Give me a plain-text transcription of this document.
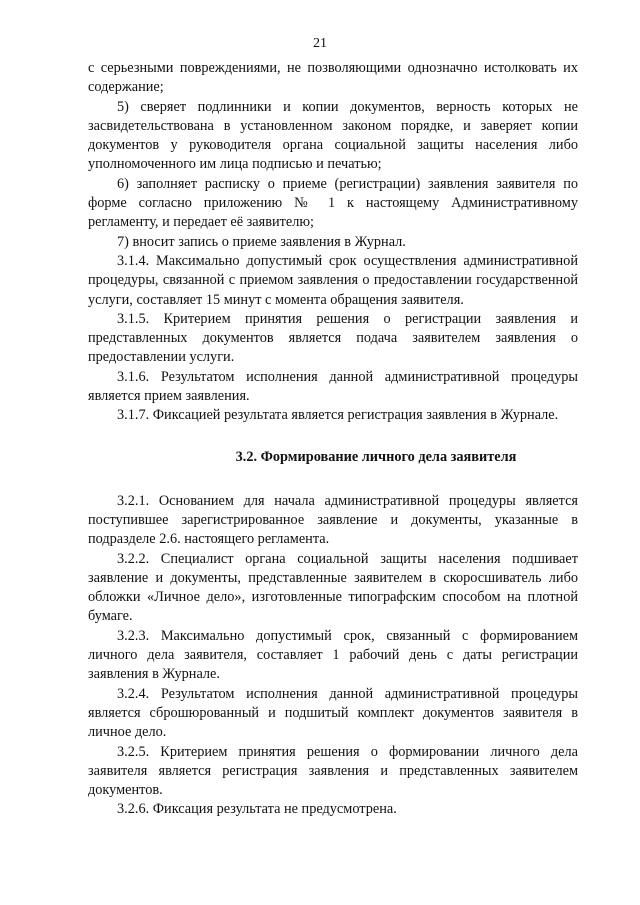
21

с серьезными повреждениями, не позволяющими однозначно истолковать их содержание;

5) сверяет подлинники и копии документов, верность которых не засвидетельствована в установленном законом порядке, и заверяет копии документов у руководителя органа социальной защиты населения либо уполномоченного им лица подписью и печатью;

6) заполняет расписку о приеме (регистрации) заявления заявителя по форме согласно приложению № 1 к настоящему Административному регламенту, и передает её заявителю;

7) вносит запись о приеме заявления в Журнал.

3.1.4. Максимально допустимый срок осуществления административной процедуры, связанной с приемом заявления о предоставлении государственной услуги, составляет 15 минут с момента обращения заявителя.

3.1.5. Критерием принятия решения о регистрации заявления и представленных документов является подача заявителем заявления о предоставлении услуги.

3.1.6. Результатом исполнения данной административной процедуры является прием заявления.

3.1.7. Фиксацией результата является регистрация заявления в Журнале.

3.2. Формирование личного дела заявителя

3.2.1. Основанием для начала административной процедуры является поступившее зарегистрированное заявление и документы, указанные в подразделе 2.6. настоящего регламента.

3.2.2. Специалист органа социальной защиты населения подшивает заявление и документы, представленные заявителем в скоросшиватель либо обложки «Личное дело», изготовленные типографским способом на плотной бумаге.

3.2.3. Максимально допустимый срок, связанный с формированием личного дела заявителя, составляет 1 рабочий день с даты регистрации заявления в Журнале.

3.2.4. Результатом исполнения данной административной процедуры является сброшюрованный и подшитый комплект документов заявителя в личное дело.

3.2.5. Критерием принятия решения о формировании личного дела заявителя является регистрация заявления и представленных заявителем документов.

3.2.6. Фиксация результата не предусмотрена.
